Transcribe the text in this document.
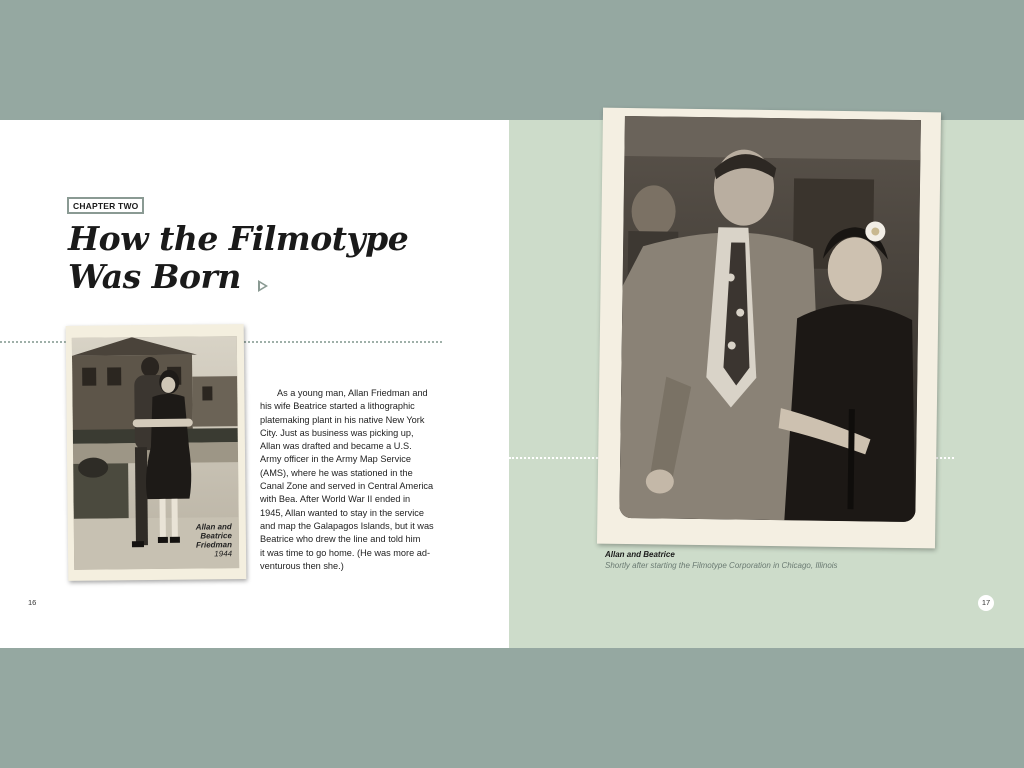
CHAPTER TWO
How the Filmotype
Was Born
Allan and
Beatrice
Friedman
1944
As a young man, Allan Friedman and
his wife Beatrice started a lithographic
platemaking plant in his native New York
City. Just as business was picking up,
Allan was drafted and became a U.S.
Army officer in the Army Map Service
(AMS), where he was stationed in the
Canal Zone and served in Central America
with Bea. After World War II ended in
1945, Allan wanted to stay in the service
and map the Galapagos Islands, but it was
Beatrice who drew the line and told him
it was time to go home. (He was more ad-
venturous then she.)
16
Allan and Beatrice
Shortly after starting the Filmotype Corporation in Chicago, Illinois
17
